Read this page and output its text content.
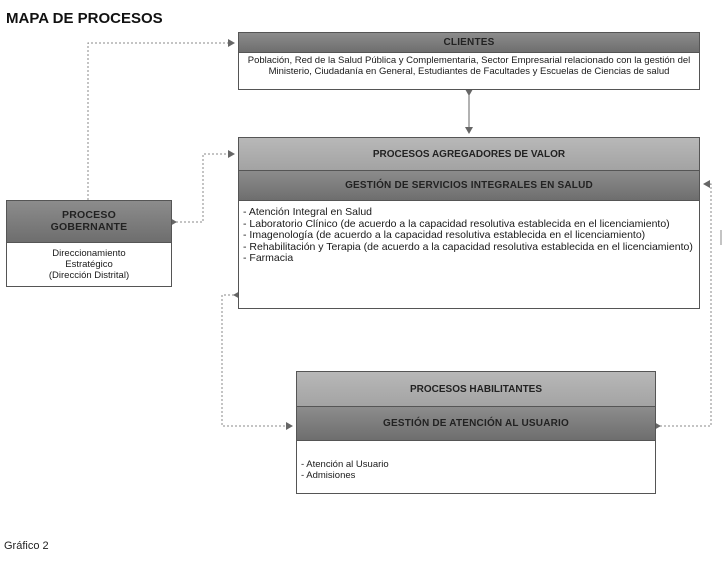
MAPA DE PROCESOS
CLIENTES
Población, Red de la Salud Pública y Complementaria, Sector Empresarial relacionado con la gestión del Ministerio, Ciudadanía en General, Estudiantes de Facultades y Escuelas de Ciencias de salud
PROCESOS AGREGADORES DE VALOR
GESTIÓN DE SERVICIOS INTEGRALES EN SALUD
- Atención Integral en Salud
- Laboratorio Clínico (de acuerdo a la capacidad resolutiva establecida en el licenciamiento)
- Imagenología (de acuerdo a la capacidad resolutiva establecida en el licenciamiento)
- Rehabilitación y Terapia (de acuerdo a la capacidad resolutiva establecida en el licenciamiento)
- Farmacia
PROCESO
GOBERNANTE
Direccionamiento
Estratégico
(Dirección Distrital)
PROCESOS HABILITANTES
GESTIÓN DE ATENCIÓN AL USUARIO
- Atención al Usuario
- Admisiones
Gráfico 2
